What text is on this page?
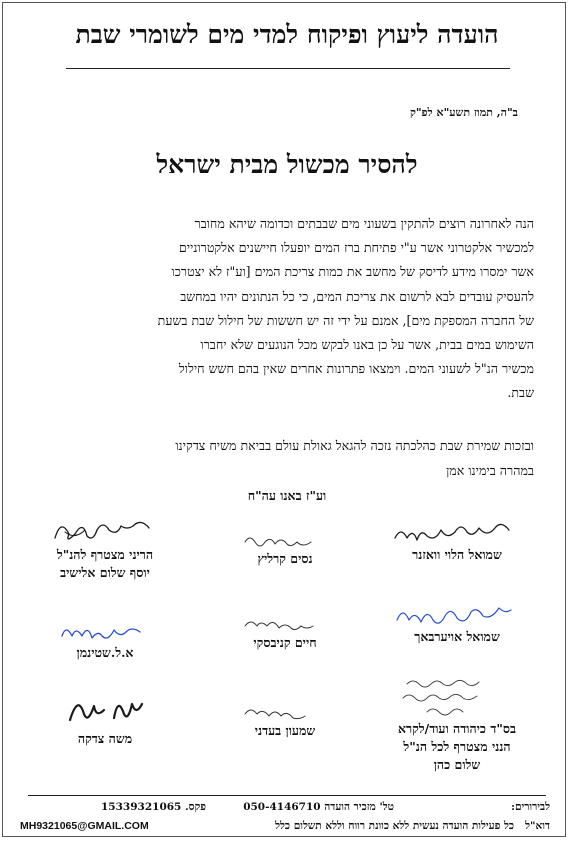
הועדה ליעוץ ופיקוח למדי מים לשומרי שבת
ב"ה, תמוז תשע"א לפ"ק
להסיר מכשול מבית ישראל

הנה לאחרונה רוצים להתקין בשעוני מים שבבתים וכדומה שיהא מחובר

למכשיר אלקטרוני אשר ע"י פתיחת ברז המים יופעלו חיישנים אלקטרוניים

אשר ימסרו מידע לדיסק של מחשב את כמות צריכת המים [וע"ז לא יצטרכו

להעסיק עובדים לבא לרשום את צריכת המים, כי כל הנתונים יהיו במחשב

של החברה המספקת מים], אמנם על ידי זה יש חששות של חילול שבת בשעת

השימוש במים בבית, אשר על כן באנו לבקש מכל הנוגעים שלא יחברו

מכשיר הנ"ל לשעוני המים. וימצאו פתרונות אחרים שאין בהם חשש חילול

שבת.

ובזכות שמירת שבת כהלכתה נזכה להגאל גאולת עולם בביאת משיח צדקינו

במהרה בימינו אמן

וע"ז באנו עה"ח
שמואל הלוי וואזנר
נסים קרליץ
הריני מצטרף להנ"ל
יוסף שלום אלישיב
שמואל אויערבאך
חיים קניבסקי
א.ל.שטינמן
בס"ד כיהודה ועוד/לקרא
הנני מצטרף לכל הנ"ל
שלום כהן
שמעון בעדני
משה צדקה
לבירורים:
טל' מזכיר הועדה 050-4146710
פקס. 15339321065
דוא"ל
כל פעילות הועדה נעשית ללא כוונת רווח וללא תשלום כלל
MH9321065@GMAIL.COM
